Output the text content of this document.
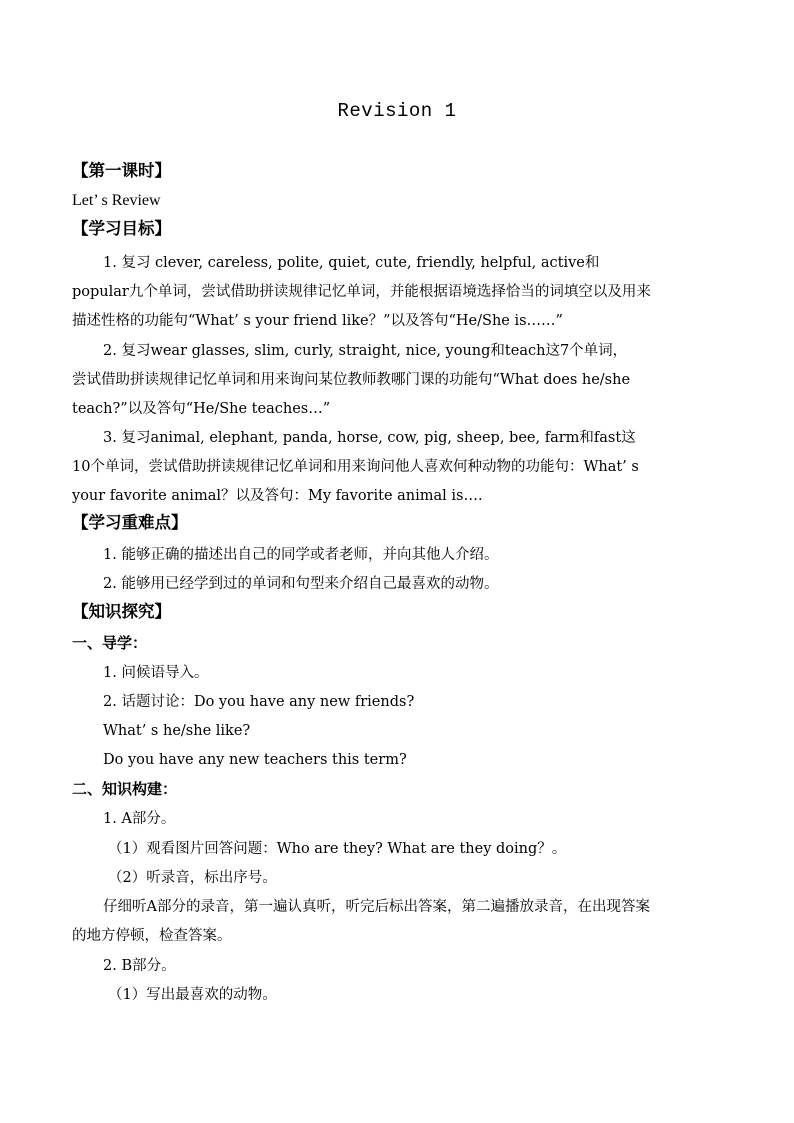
Revision 1
【第一课时】
Let’ s Review
【学习目标】
1. 复习 clever, careless, polite, quiet, cute, friendly, helpful, active和
popular九个单词，尝试借助拼读规律记忆单词，并能根据语境选择恰当的词填空以及用来
描述性格的功能句“What’ s your friend like？”以及答句“He/She is……”
2. 复习wear glasses, slim, curly, straight, nice, young和teach这7个单词，
尝试借助拼读规律记忆单词和用来询问某位教师教哪门课的功能句“What does he/she
teach?”以及答句“He/She teaches…”
3. 复习animal, elephant, panda, horse, cow, pig, sheep, bee, farm和fast这
10个单词，尝试借助拼读规律记忆单词和用来询问他人喜欢何种动物的功能句：What’ s
your favorite animal？以及答句：My favorite animal is….
【学习重难点】
1. 能够正确的描述出自己的同学或者老师，并向其他人介绍。
2. 能够用已经学到过的单词和句型来介绍自己最喜欢的动物。
【知识探究】
一、导学：
1. 问候语导入。
2. 话题讨论：Do you have any new friends?
What’ s he/she like?
Do you have any new teachers this term?
二、知识构建：
1. A部分。
（1）观看图片回答问题：Who are they? What are they doing？。
（2）听录音，标出序号。
仔细听A部分的录音，第一遍认真听，听完后标出答案，第二遍播放录音，在出现答案
的地方停顿，检查答案。
2. B部分。
（1）写出最喜欢的动物。
